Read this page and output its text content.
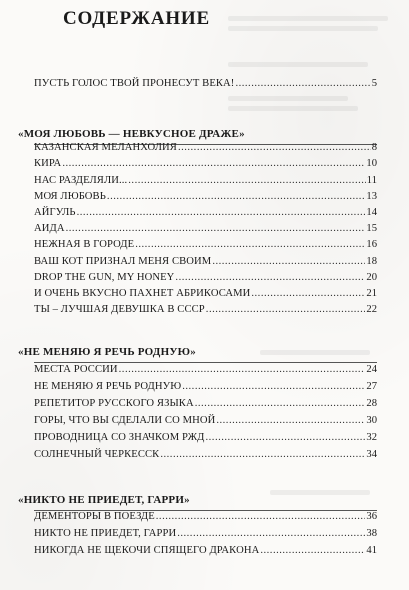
СОДЕРЖАНИЕ
ПУСТЬ ГОЛОС ТВОЙ ПРОНЕСУТ ВЕКА! .....	5
«МОЯ ЛЮБОВЬ — НЕВКУСНОЕ ДРАЖЕ»
КАЗАНСКАЯ МЕЛАНХОЛИЯ .....	8
КИРА .....	10
НАС РАЗДЕЛЯЛИ... .....	11
МОЯ ЛЮБОВЬ .....	13
АЙГУЛЬ .....	14
АИДА .....	15
НЕЖНАЯ В ГОРОДЕ .....	16
ВАШ КОТ ПРИЗНАЛ МЕНЯ СВОИМ .....	18
DROP THE GUN, MY HONEY .....	20
И ОЧЕНЬ ВКУСНО ПАХНЕТ АБРИКОСАМИ .....	21
ТЫ – ЛУЧШАЯ ДЕВУШКА В СССР .....	22
«НЕ МЕНЯЮ Я РЕЧЬ РОДНУЮ»
МЕСТА РОССИИ .....	24
НЕ МЕНЯЮ Я РЕЧЬ РОДНУЮ .....	27
РЕПЕТИТОР РУССКОГО ЯЗЫКА .....	28
ГОРЫ, ЧТО ВЫ СДЕЛАЛИ СО МНОЙ .....	30
ПРОВОДНИЦА СО ЗНАЧКОМ РЖД .....	32
СОЛНЕЧНЫЙ ЧЕРКЕССК .....	34
«НИКТО НЕ ПРИЕДЕТ, ГАРРИ»
ДЕМЕНТОРЫ В ПОЕЗДЕ .....	36
НИКТО НЕ ПРИЕДЕТ, ГАРРИ .....	38
НИКОГДА НЕ ЩЕКОЧИ СПЯЩЕГО ДРАКОНА .....	41
